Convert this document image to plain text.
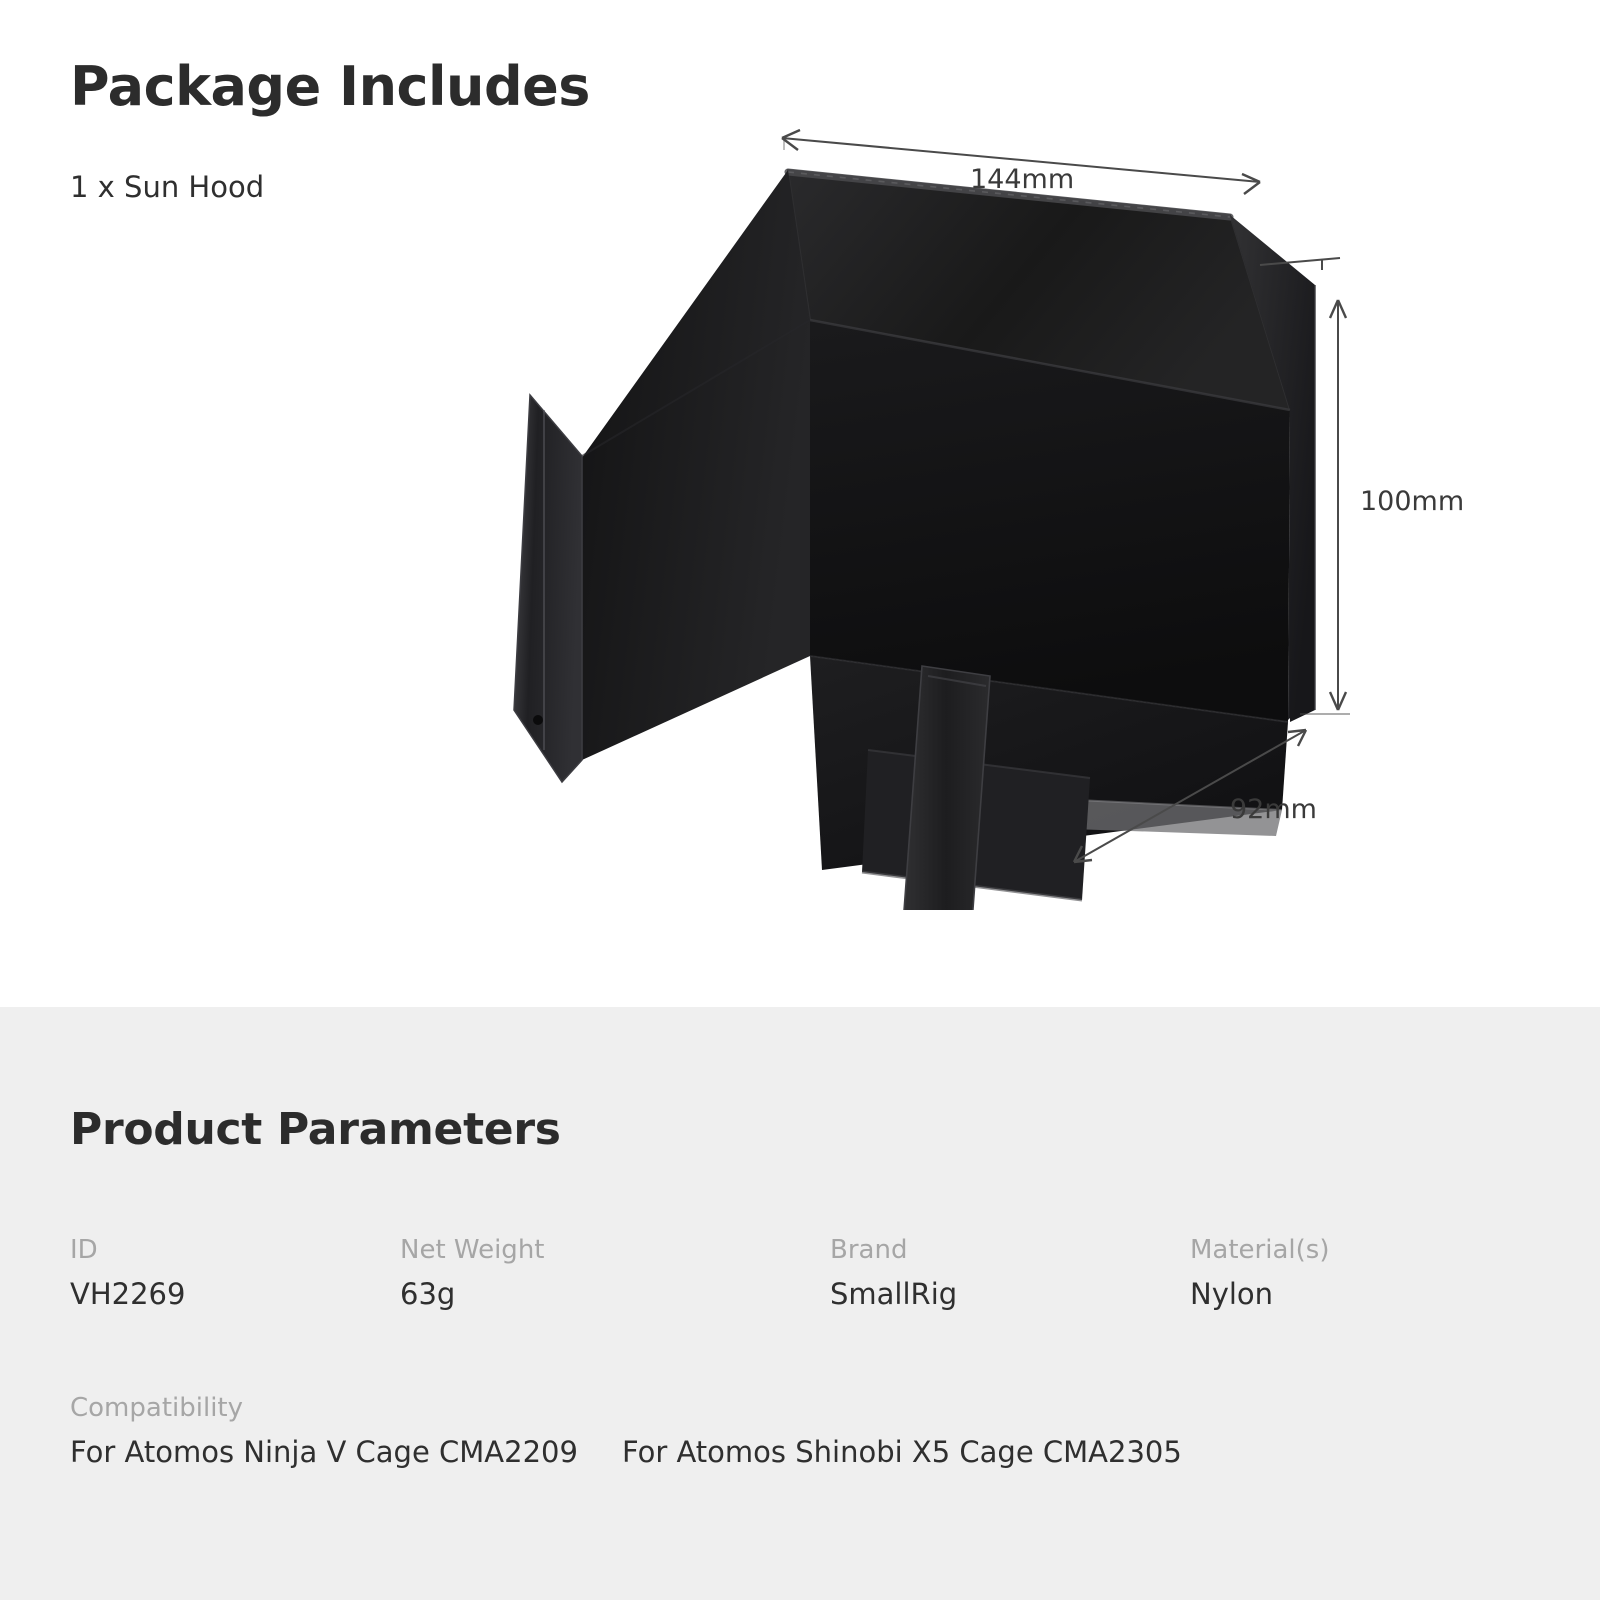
Package Includes
1 x Sun Hood	144mm
100mm
92mm
Product Parameters
ID
VH2269
Net Weight
63g
Brand
SmallRig
Material(s)
Nylon
Compatibility
For Atomos Ninja V Cage CMA2209 For Atomos Shinobi X5 Cage CMA2305
